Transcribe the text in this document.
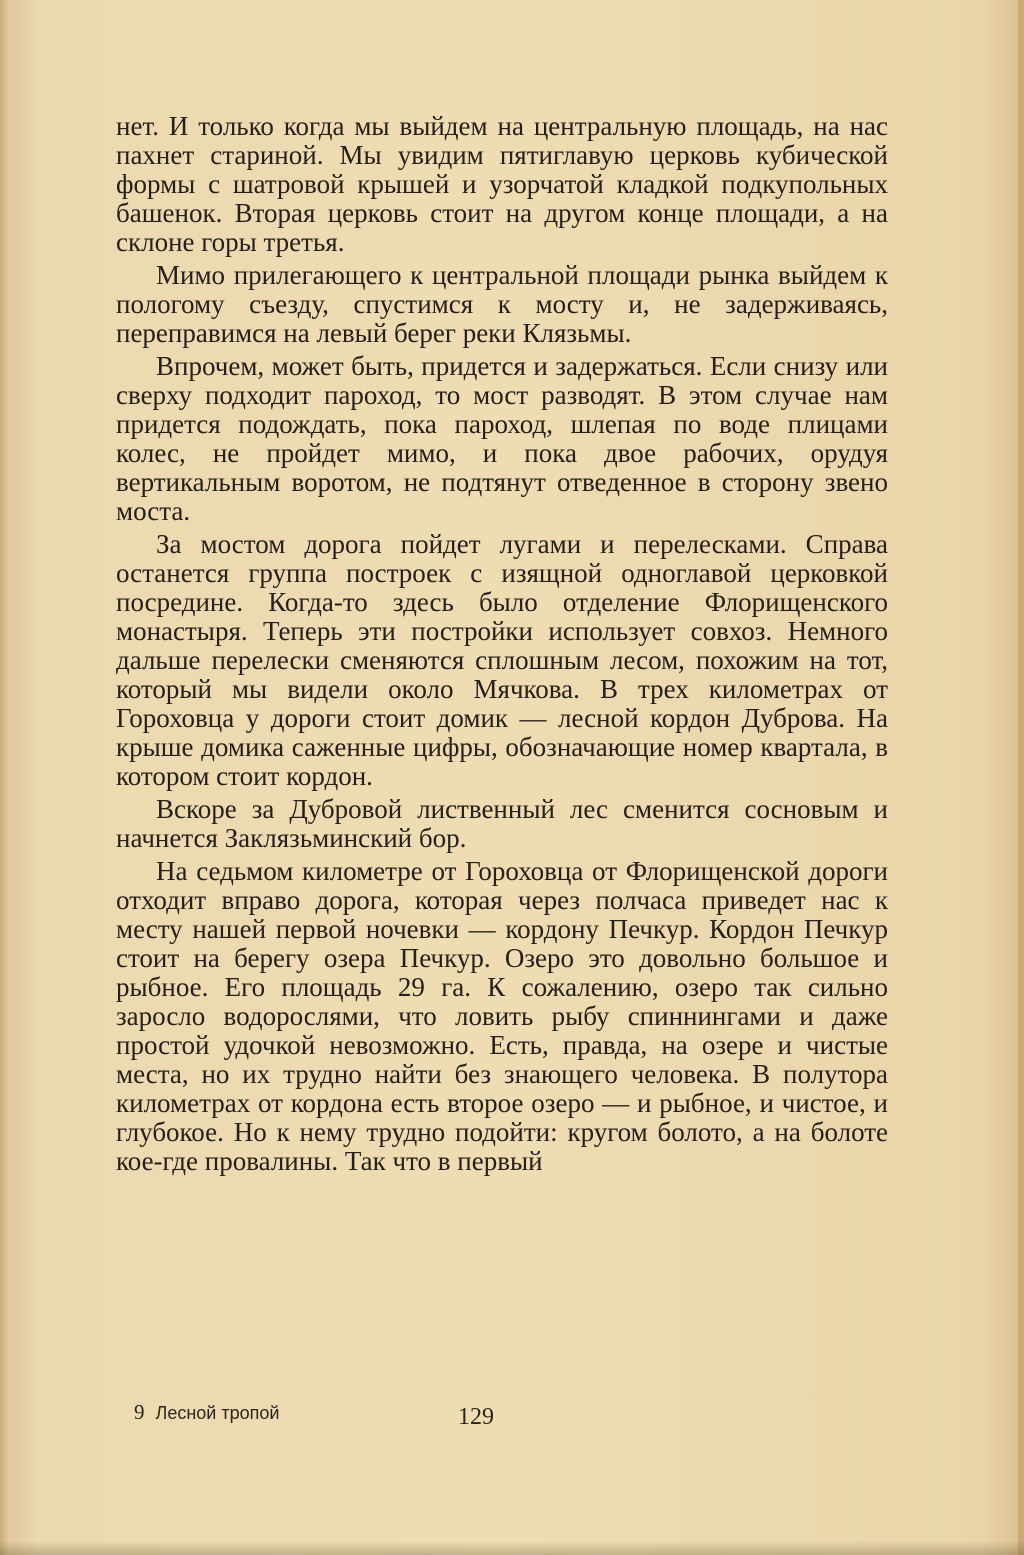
нет. И только когда мы выйдем на центральную площадь, на нас пахнет стариной. Мы увидим пятиглавую церковь кубической формы с шатровой крышей и узорчатой кладкой подкупольных башенок. Вторая церковь стоит на другом конце площади, а на склоне горы третья.

Мимо прилегающего к центральной площади рынка выйдем к пологому съезду, спустимся к мосту и, не задерживаясь, переправимся на левый берег реки Клязьмы.

Впрочем, может быть, придется и задержаться. Если снизу или сверху подходит пароход, то мост разводят. В этом случае нам придется подождать, пока пароход, шлепая по воде плицами колес, не пройдет мимо, и пока двое рабочих, орудуя вертикальным воротом, не подтянут отведенное в сторону звено моста.

За мостом дорога пойдет лугами и перелесками. Справа останется группа построек с изящной одноглавой церковкой посредине. Когда-то здесь было отделение Флорищенского монастыря. Теперь эти постройки использует совхоз. Немного дальше перелески сменяются сплошным лесом, похожим на тот, который мы видели около Мячкова. В трех километрах от Гороховца у дороги стоит домик — лесной кордон Дуброва. На крыше домика саженные цифры, обозначающие номер квартала, в котором стоит кордон.

Вскоре за Дубровой лиственный лес сменится сосновым и начнется Заклязьминский бор.

На седьмом километре от Гороховца от Флорищенской дороги отходит вправо дорога, которая через полчаса приведет нас к месту нашей первой ночевки — кордону Печкур. Кордон Печкур стоит на берегу озера Печкур. Озеро это довольно большое и рыбное. Его площадь 29 га. К сожалению, озеро так сильно заросло водорослями, что ловить рыбу спиннингами и даже простой удочкой невозможно. Есть, правда, на озере и чистые места, но их трудно найти без знающего человека. В полутора километрах от кордона есть второе озеро — и рыбное, и чистое, и глубокое. Но к нему трудно подойти: кругом болото, а на болоте кое-где провалины. Так что в первый

9 Лесной тропой	129
